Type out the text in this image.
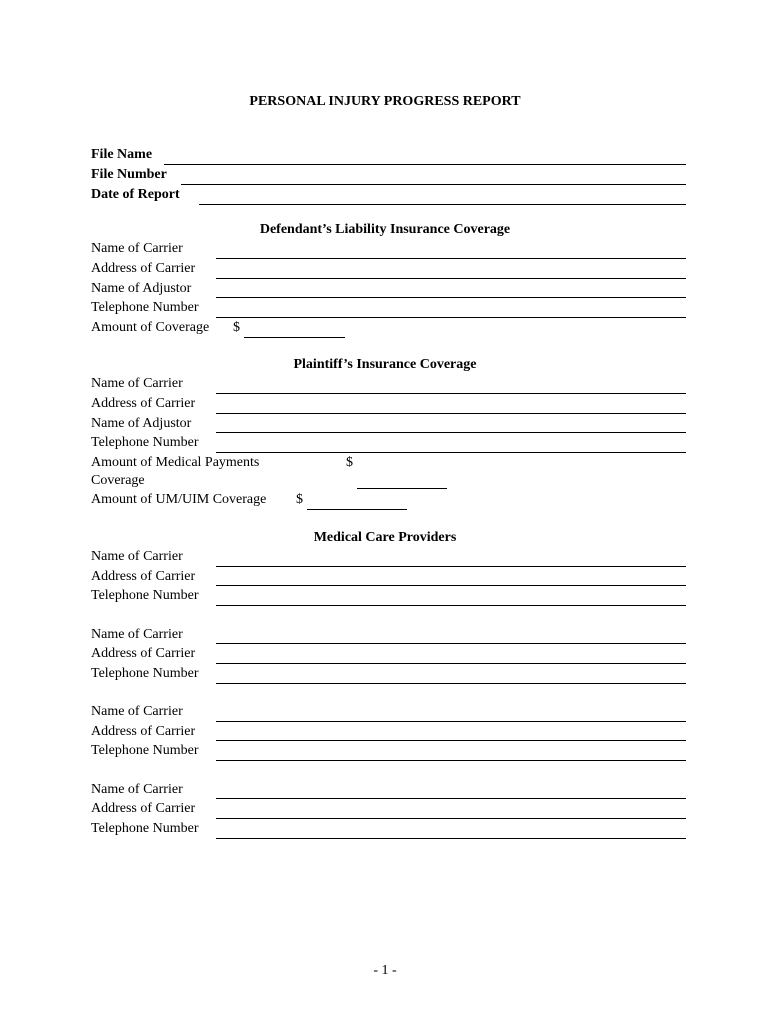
PERSONAL INJURY PROGRESS REPORT
File Name
File Number
Date of Report
Defendant’s Liability Insurance Coverage
Name of Carrier
Address of Carrier
Name of Adjustor
Telephone Number
Amount of Coverage $
Plaintiff’s Insurance Coverage
Name of Carrier
Address of Carrier
Name of Adjustor
Telephone Number
Amount of Medical Payments	$
Coverage
Amount of UM/UIM Coverage $
Medical Care Providers
Name of Carrier
Address of Carrier
Telephone Number
Name of Carrier
Address of Carrier
Telephone Number
Name of Carrier
Address of Carrier
Telephone Number
Name of Carrier
Address of Carrier
Telephone Number
- 1 -
